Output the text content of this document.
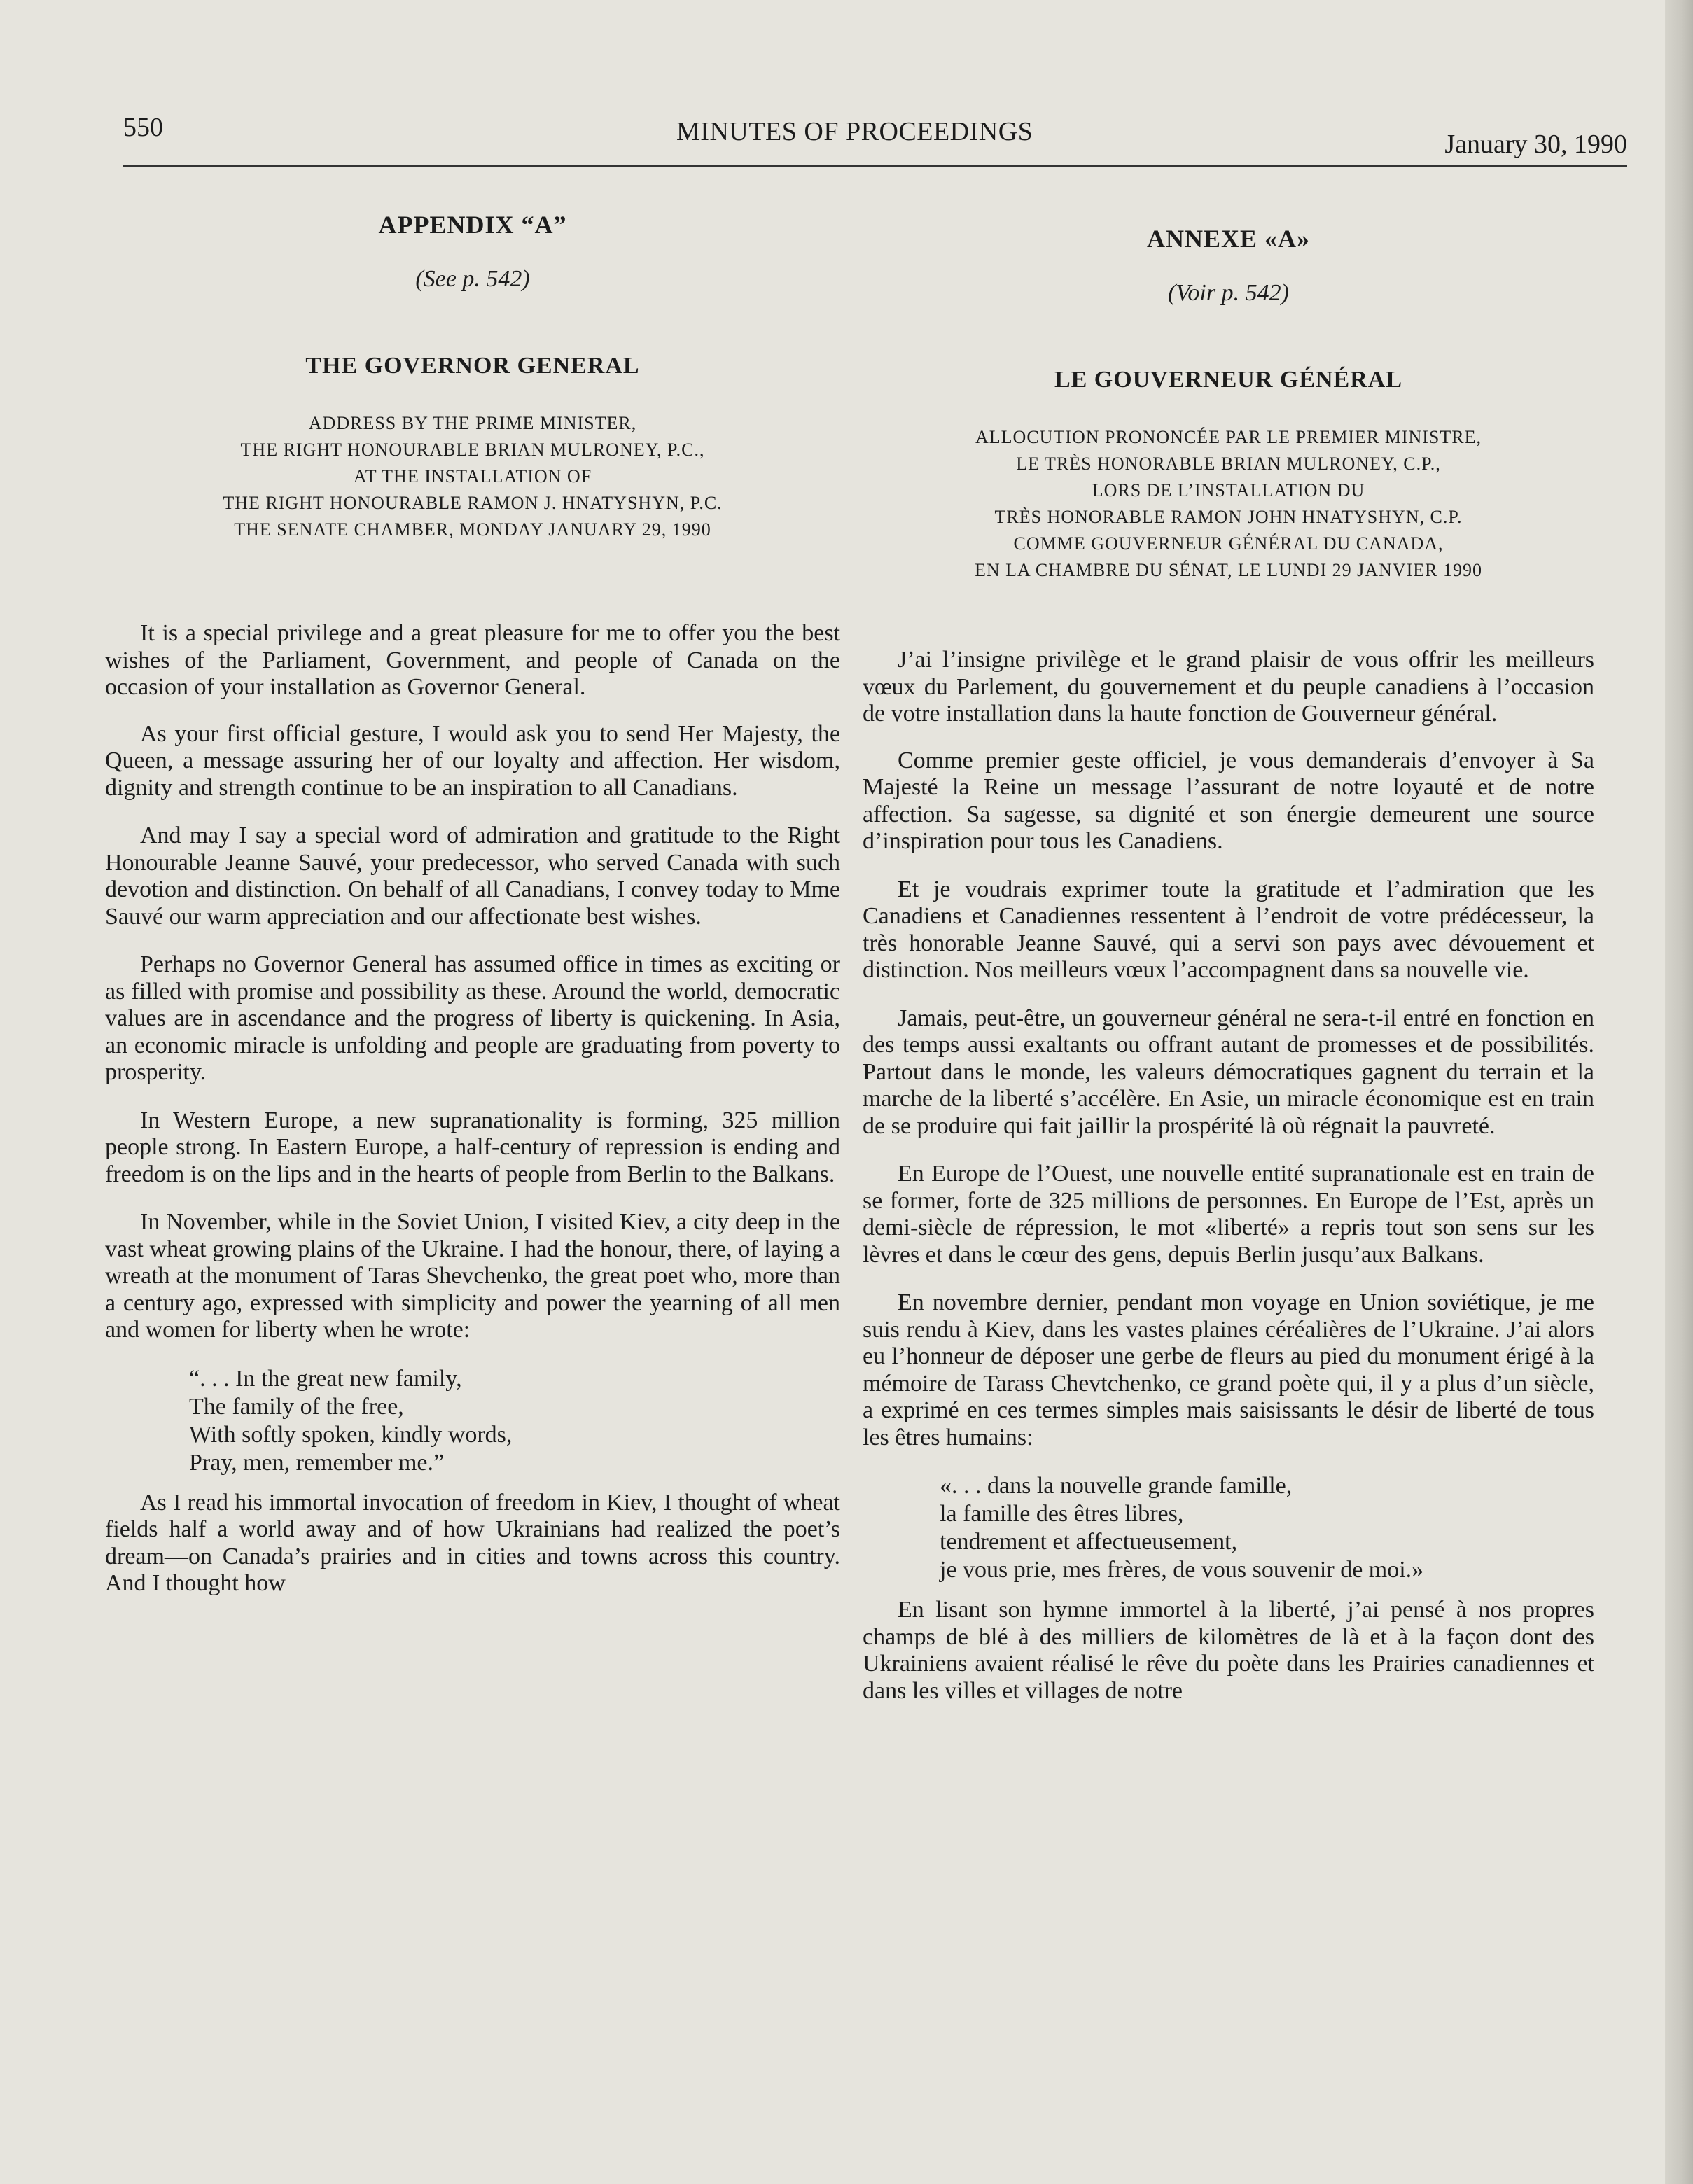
550	MINUTES OF PROCEEDINGS	January 30, 1990
APPENDIX “A”
(See p. 542)
THE GOVERNOR GENERAL
ADDRESS BY THE PRIME MINISTER,
THE RIGHT HONOURABLE BRIAN MULRONEY, P.C.,
AT THE INSTALLATION OF
THE RIGHT HONOURABLE RAMON J. HNATYSHYN, P.C.
THE SENATE CHAMBER, MONDAY JANUARY 29, 1990

It is a special privilege and a great pleasure for me to offer you the best wishes of the Parliament, Government, and people of Canada on the occasion of your installation as Governor General.

As your first official gesture, I would ask you to send Her Majesty, the Queen, a message assuring her of our loyalty and affection. Her wisdom, dignity and strength continue to be an inspiration to all Canadians.

And may I say a special word of admiration and gratitude to the Right Honourable Jeanne Sauvé, your predecessor, who served Canada with such devotion and distinction. On behalf of all Canadians, I convey today to Mme Sauvé our warm appreciation and our affectionate best wishes.

Perhaps no Governor General has assumed office in times as exciting or as filled with promise and possibility as these. Around the world, democratic values are in ascendance and the progress of liberty is quickening. In Asia, an economic miracle is unfolding and people are graduating from poverty to prosperity.

In Western Europe, a new supranationality is forming, 325 million people strong. In Eastern Europe, a half-century of repression is ending and freedom is on the lips and in the hearts of people from Berlin to the Balkans.

In November, while in the Soviet Union, I visited Kiev, a city deep in the vast wheat growing plains of the Ukraine. I had the honour, there, of laying a wreath at the monument of Taras Shevchenko, the great poet who, more than a century ago, expressed with simplicity and power the yearning of all men and women for liberty when he wrote:

“. . . In the great new family,
The family of the free,
With softly spoken, kindly words,
Pray, men, remember me.”

As I read his immortal invocation of freedom in Kiev, I thought of wheat fields half a world away and of how Ukrainians had realized the poet’s dream—on Canada’s prairies and in cities and towns across this country. And I thought how

ANNEXE «A»
(Voir p. 542)
LE GOUVERNEUR GÉNÉRAL
ALLOCUTION PRONONCÉE PAR LE PREMIER MINISTRE,
LE TRÈS HONORABLE BRIAN MULRONEY, C.P.,
LORS DE L’INSTALLATION DU
TRÈS HONORABLE RAMON JOHN HNATYSHYN, C.P.
COMME GOUVERNEUR GÉNÉRAL DU CANADA,
EN LA CHAMBRE DU SÉNAT, LE LUNDI 29 JANVIER 1990

J’ai l’insigne privilège et le grand plaisir de vous offrir les meilleurs vœux du Parlement, du gouvernement et du peuple canadiens à l’occasion de votre installation dans la haute fonction de Gouverneur général.

Comme premier geste officiel, je vous demanderais d’envoyer à Sa Majesté la Reine un message l’assurant de notre loyauté et de notre affection. Sa sagesse, sa dignité et son énergie demeurent une source d’inspiration pour tous les Canadiens.

Et je voudrais exprimer toute la gratitude et l’admiration que les Canadiens et Canadiennes ressentent à l’endroit de votre prédécesseur, la très honorable Jeanne Sauvé, qui a servi son pays avec dévouement et distinction. Nos meilleurs vœux l’accompagnent dans sa nouvelle vie.

Jamais, peut-être, un gouverneur général ne sera-t-il entré en fonction en des temps aussi exaltants ou offrant autant de promesses et de possibilités. Partout dans le monde, les valeurs démocratiques gagnent du terrain et la marche de la liberté s’accélère. En Asie, un miracle économique est en train de se produire qui fait jaillir la prospérité là où régnait la pauvreté.

En Europe de l’Ouest, une nouvelle entité supranationale est en train de se former, forte de 325 millions de personnes. En Europe de l’Est, après un demi-siècle de répression, le mot «liberté» a repris tout son sens sur les lèvres et dans le cœur des gens, depuis Berlin jusqu’aux Balkans.

En novembre dernier, pendant mon voyage en Union soviétique, je me suis rendu à Kiev, dans les vastes plaines céréalières de l’Ukraine. J’ai alors eu l’honneur de déposer une gerbe de fleurs au pied du monument érigé à la mémoire de Tarass Chevtchenko, ce grand poète qui, il y a plus d’un siècle, a exprimé en ces termes simples mais saisissants le désir de liberté de tous les êtres humains:

«. . . dans la nouvelle grande famille,
la famille des êtres libres,
tendrement et affectueusement,
je vous prie, mes frères, de vous souvenir de moi.»

En lisant son hymne immortel à la liberté, j’ai pensé à nos propres champs de blé à des milliers de kilomètres de là et à la façon dont des Ukrainiens avaient réalisé le rêve du poète dans les Prairies canadiennes et dans les villes et villages de notre
